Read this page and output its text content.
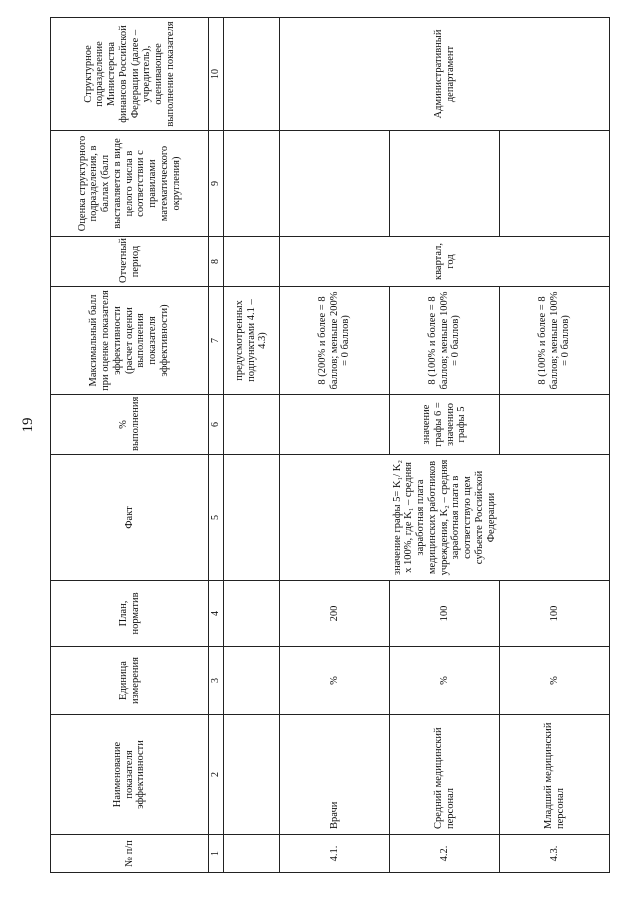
19
№ п/п	Наименование показателя эффективности	Единица измерения	План, норматив	Факт	% выполнения	Максимальный балл при оценке показателя эффективности (расчет оценки выполнения показателя эффективности)	Отчетный период	Оценка структурного подразделения, в баллах (балл выставляется в виде целого числа в соответствии с правилами математического округления)	Структурное подразделение Министерства финансов Российской Федерации (далее – учредитель), оценивающее выполнение показателя
1	2	3	4	5	6	7	8	9	10
						предусмотренных подпунктами 4.1 – 4.3)			
4.1.	Врачи	%	200	значение графы 5= K₁/ K₂ x 100%, где K₁ – средняя заработная плата медицинских работников учреждения, K₂ – средняя заработная плата в соответствую щем субъекте Российской Федерации		8 (200% и более = 8 баллов; меньше 200% = 0 баллов)	квартал, год		Административный департамент
4.2.	Средний медицинский персонал	%	100		значение графы 6 = значению графы 5	8 (100% и более = 8 баллов; меньше 100% = 0 баллов)			
4.3.	Младший медицинский персонал	%	100			8 (100% и более = 8 баллов; меньше 100% = 0 баллов)			
